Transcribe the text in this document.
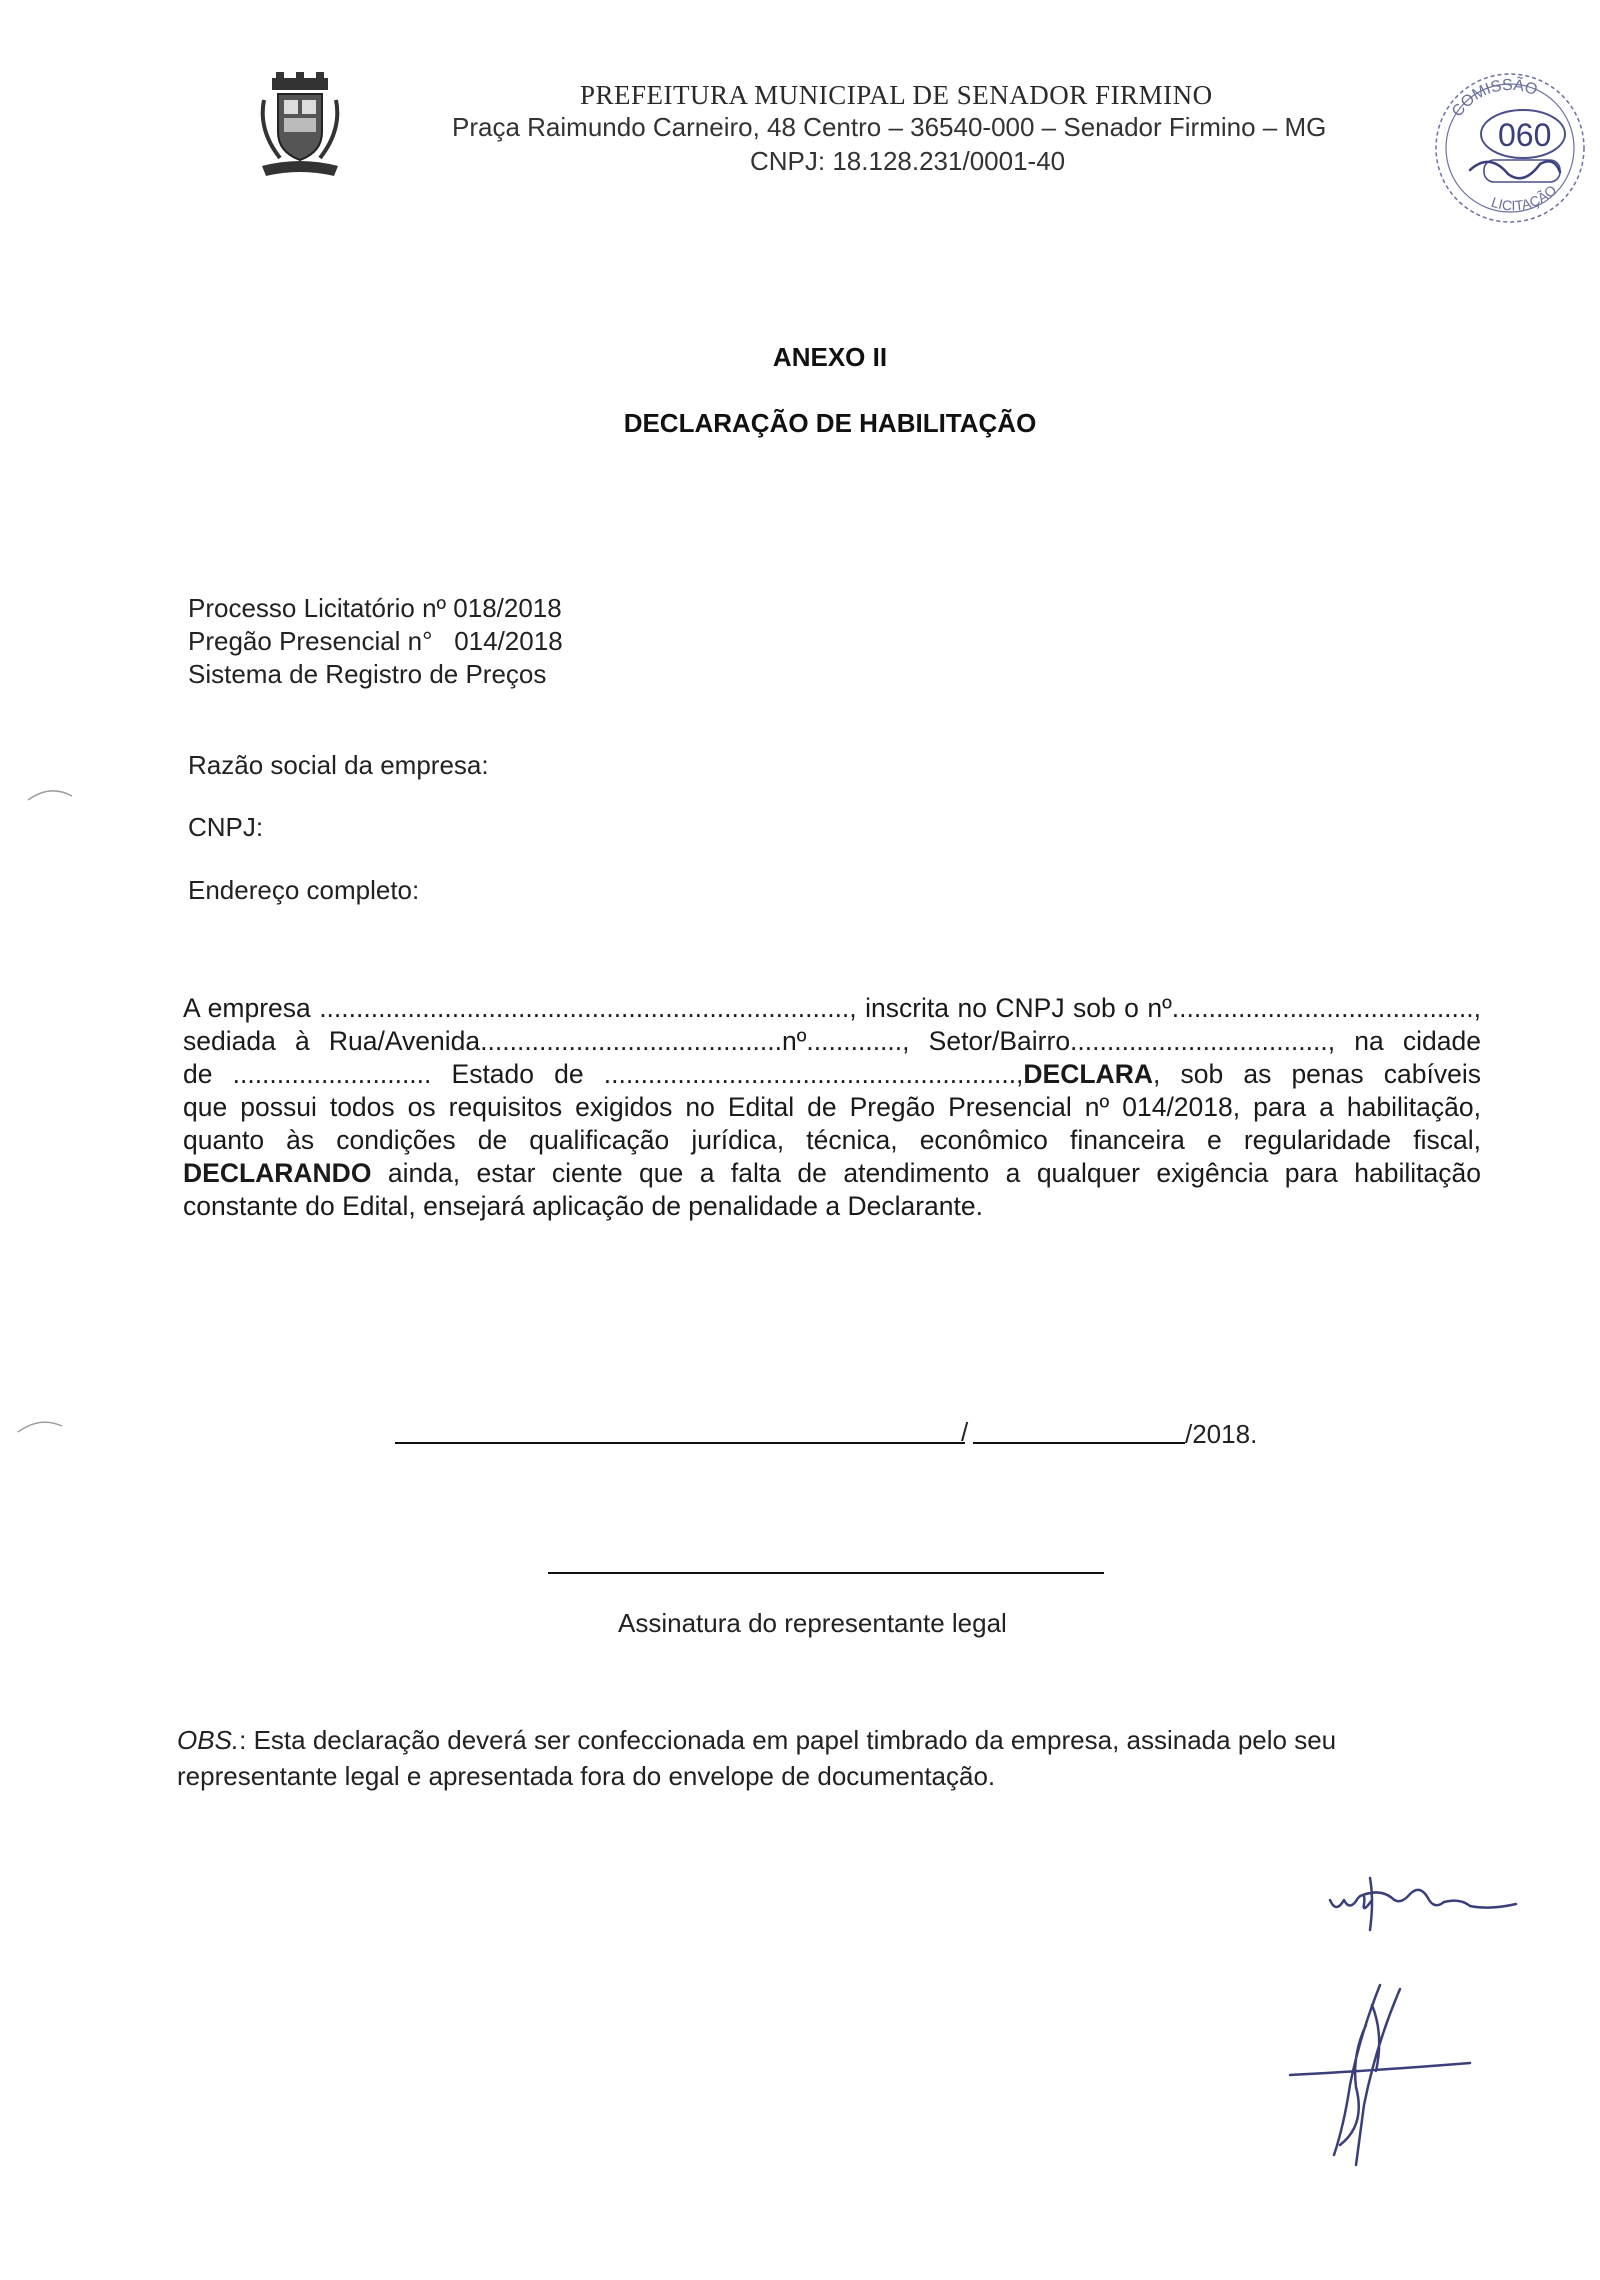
PREFEITURA MUNICIPAL DE SENADOR FIRMINO
Praça Raimundo Carneiro, 48 Centro – 36540-000 – Senador Firmino – MG
CNPJ: 18.128.231/0001-40
COMISSÃO
060
LICITAÇÃO
ANEXO II
DECLARAÇÃO DE HABILITAÇÃO
Processo Licitatório nº 018/2018
Pregão Presencial n°   014/2018
Sistema de Registro de Preços
Razão social da empresa:
CNPJ:
Endereço completo:

A empresa ........................................................................, inscrita no CNPJ sob o nº.........................................,

sediada à Rua/Avenida.........................................nº............., Setor/Bairro..................................., na cidade

de ........................... Estado de ........................................................,DECLARA, sob as penas cabíveis

que possui todos os requisitos exigidos no Edital de Pregão Presencial nº 014/2018, para a habilitação,

quanto às condições de qualificação jurídica, técnica, econômico financeira e regularidade fiscal,

DECLARANDO ainda, estar ciente que a falta de atendimento a qualquer exigência para habilitação

constante do Edital, ensejará aplicação de penalidade a Declarante.

/	/2018.
Assinatura do representante legal
OBS.: Esta declaração deverá ser confeccionada em papel timbrado da empresa, assinada pelo seu representante legal e apresentada fora do envelope de documentação.
